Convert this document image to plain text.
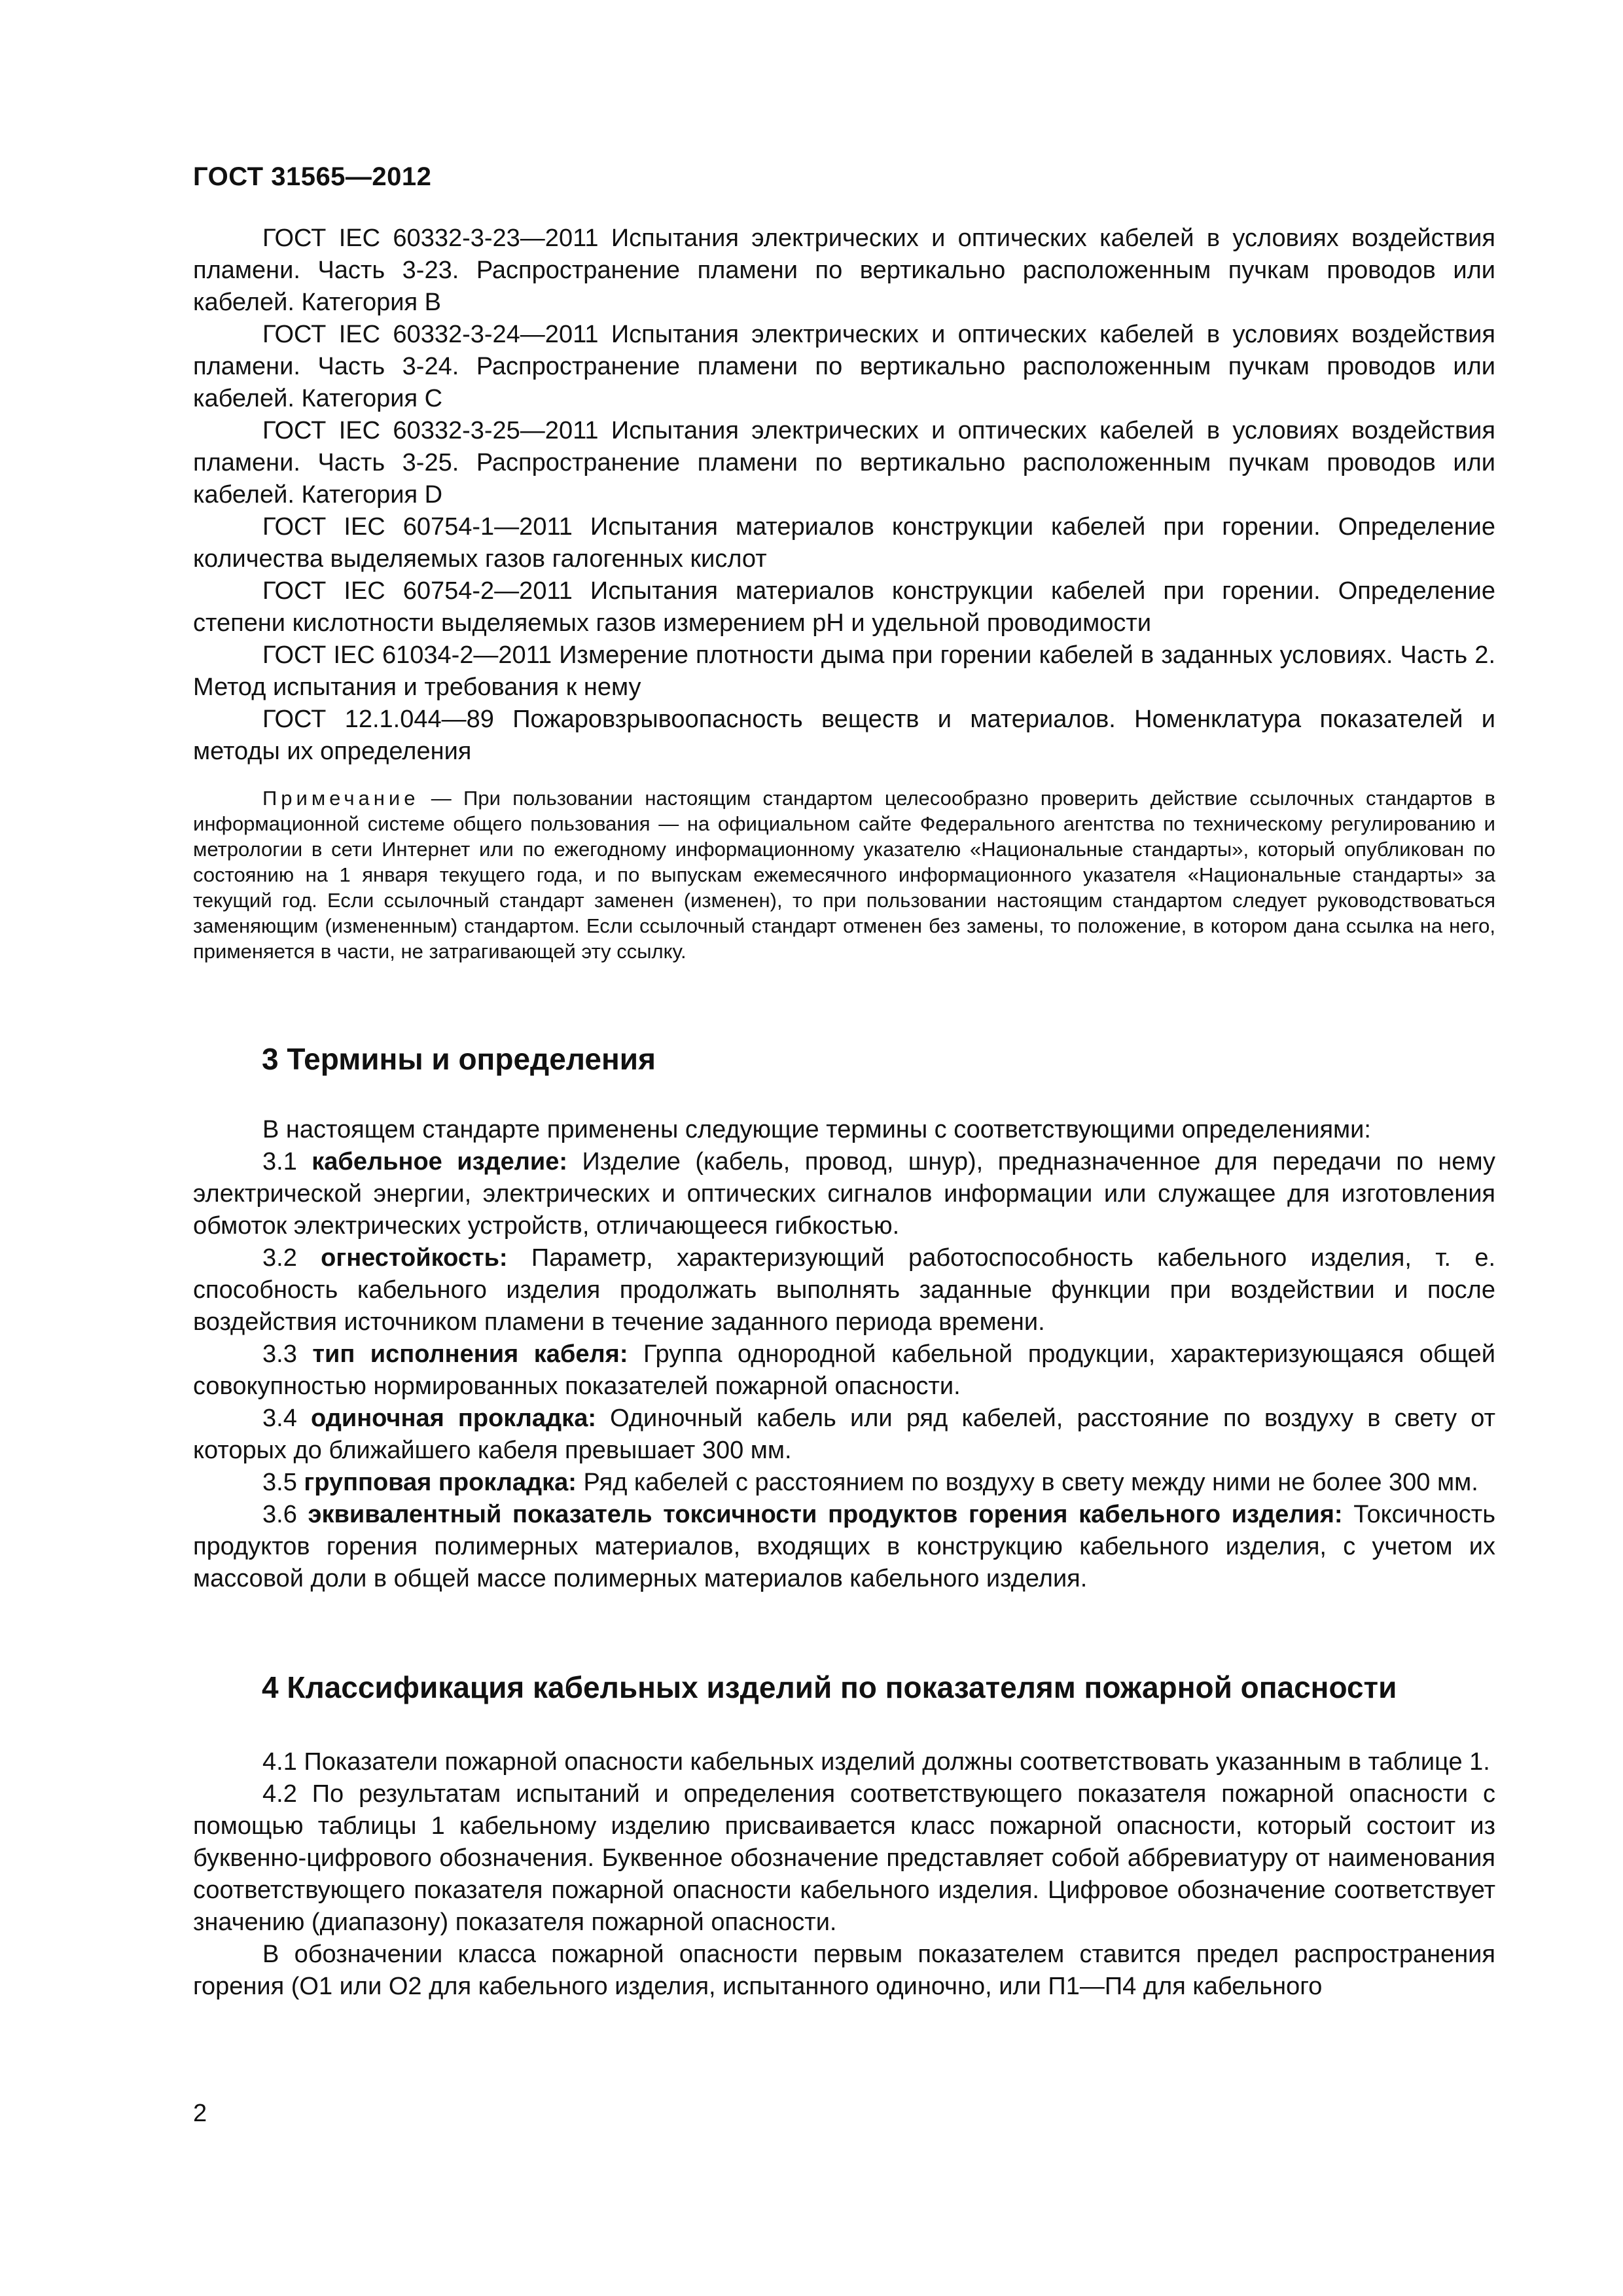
ГОСТ 31565—2012

ГОСТ IEC 60332-3-23—2011 Испытания электрических и оптических кабелей в условиях воздействия пламени. Часть 3-23. Распространение пламени по вертикально расположенным пучкам проводов или кабелей. Категория B

ГОСТ IEC 60332-3-24—2011 Испытания электрических и оптических кабелей в условиях воздействия пламени. Часть 3-24. Распространение пламени по вертикально расположенным пучкам проводов или кабелей. Категория C

ГОСТ IEC 60332-3-25—2011 Испытания электрических и оптических кабелей в условиях воздействия пламени. Часть 3-25. Распространение пламени по вертикально расположенным пучкам проводов или кабелей. Категория D

ГОСТ IEC 60754-1—2011 Испытания материалов конструкции кабелей при горении. Определение количества выделяемых газов галогенных кислот

ГОСТ IEC 60754-2—2011 Испытания материалов конструкции кабелей при горении. Определение степени кислотности выделяемых газов измерением pH и удельной проводимости

ГОСТ IEC 61034-2—2011 Измерение плотности дыма при горении кабелей в заданных условиях. Часть 2. Метод испытания и требования к нему

ГОСТ 12.1.044—89 Пожаровзрывоопасность веществ и материалов. Номенклатура показателей и методы их определения

Примечание — При пользовании настоящим стандартом целесообразно проверить действие ссылочных стандартов в информационной системе общего пользования — на официальном сайте Федерального агентства по техническому регулированию и метрологии в сети Интернет или по ежегодному информационному указателю «Национальные стандарты», который опубликован по состоянию на 1 января текущего года, и по выпускам ежемесячного информационного указателя «Национальные стандарты» за текущий год. Если ссылочный стандарт заменен (изменен), то при пользовании настоящим стандартом следует руководствоваться заменяющим (измененным) стандартом. Если ссылочный стандарт отменен без замены, то положение, в котором дана ссылка на него, применяется в части, не затрагивающей эту ссылку.

3 Термины и определения

В настоящем стандарте применены следующие термины с соответствующими определениями:

3.1 кабельное изделие: Изделие (кабель, провод, шнур), предназначенное для передачи по нему электрической энергии, электрических и оптических сигналов информации или служащее для изготовления обмоток электрических устройств, отличающееся гибкостью.

3.2 огнестойкость: Параметр, характеризующий работоспособность кабельного изделия, т. е. способность кабельного изделия продолжать выполнять заданные функции при воздействии и после воздействия источником пламени в течение заданного периода времени.

3.3 тип исполнения кабеля: Группа однородной кабельной продукции, характеризующаяся общей совокупностью нормированных показателей пожарной опасности.

3.4 одиночная прокладка: Одиночный кабель или ряд кабелей, расстояние по воздуху в свету от которых до ближайшего кабеля превышает 300 мм.

3.5 групповая прокладка: Ряд кабелей с расстоянием по воздуху в свету между ними не более 300 мм.

3.6 эквивалентный показатель токсичности продуктов горения кабельного изделия: Токсичность продуктов горения полимерных материалов, входящих в конструкцию кабельного изделия, с учетом их массовой доли в общей массе полимерных материалов кабельного изделия.

4 Классификация кабельных изделий по показателям пожарной опасности

4.1 Показатели пожарной опасности кабельных изделий должны соответствовать указанным в таблице 1.

4.2 По результатам испытаний и определения соответствующего показателя пожарной опасности с помощью таблицы 1 кабельному изделию присваивается класс пожарной опасности, который состоит из буквенно-цифрового обозначения. Буквенное обозначение представляет собой аббревиатуру от наименования соответствующего показателя пожарной опасности кабельного изделия. Цифровое обозначение соответствует значению (диапазону) показателя пожарной опасности.

В обозначении класса пожарной опасности первым показателем ставится предел распространения горения (О1 или О2 для кабельного изделия, испытанного одиночно, или П1—П4 для кабельного

2
